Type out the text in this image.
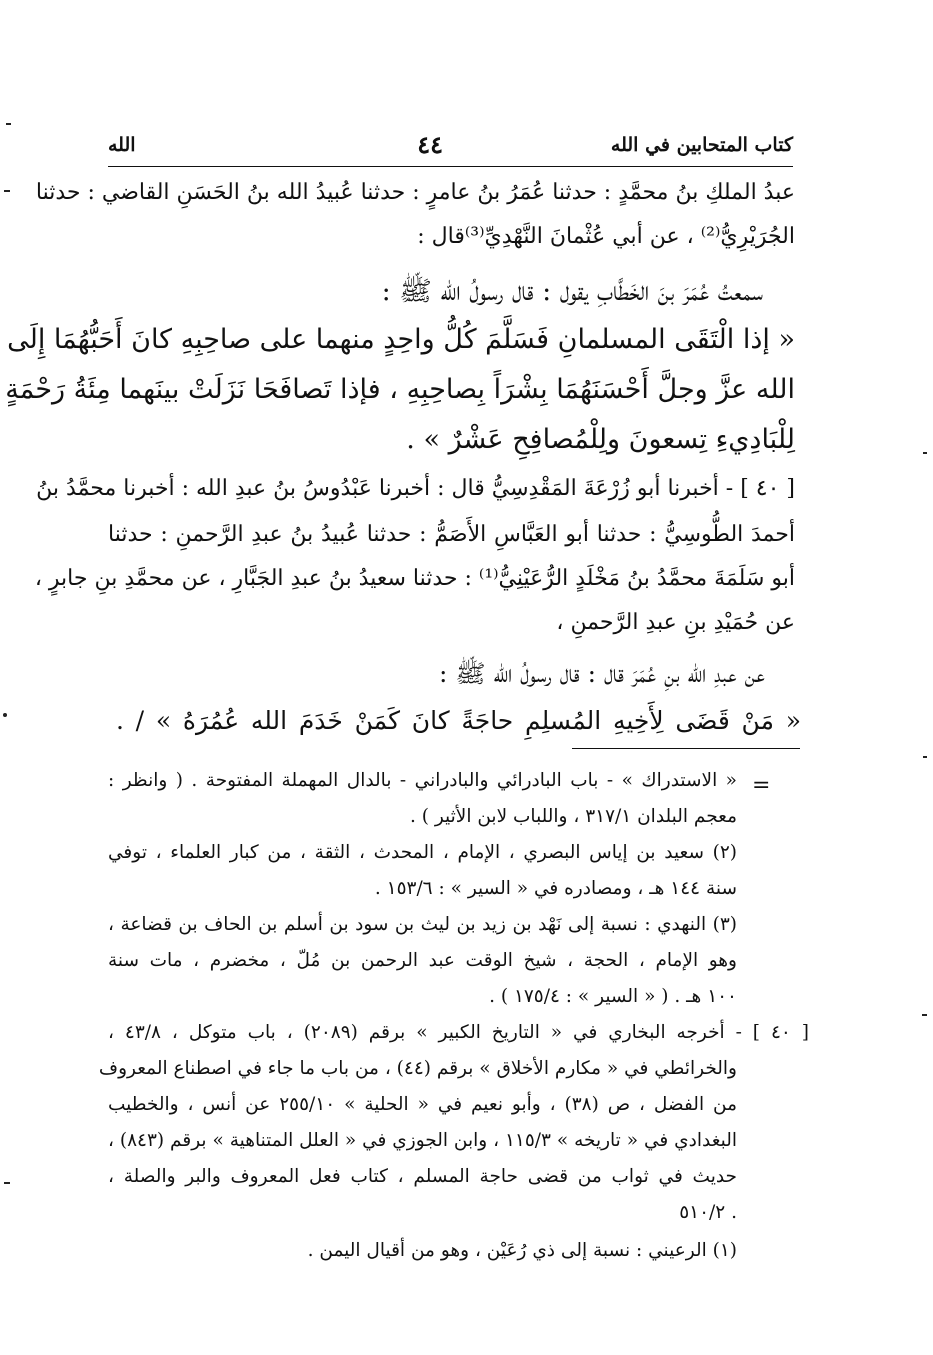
كتاب المتحابين في الله
٤٤
الله
عبدُ الملكِ بنُ محمَّدٍ : حدثنا عُمَرُ بنُ عامرٍ : حدثنا عُبيدُ الله بنُ الحَسَنِ القاضي : حدثنا
الجُرَيْرِيُّ⁽²⁾ ، عن أبي عُثْمانَ النَّهْدِيِّ⁽³⁾قال :
سمعتُ عُمَرَ بنَ الخَطَّابِ يقول : قال رسولُ الله ﷺ :
« إذا الْتَقَى المسلمانِ فَسَلَّمَ كُلُّ واحِدٍ منهما على صاحِبِهِ كانَ أَحَبُّهُمَا إِلَى
الله عزَّ وجلَّ أَحْسَنَهُمَا بِشْرَاً بِصاحِبِهِ ، فإذا تَصافَحَا نَزَلَتْ بينَهما مِئَةُ رَحْمَةٍ
لِلْبَادِيءِ تِسعونَ ولِلْمُصافِحِ عَشْرٌ » .
[ ٤٠ ] - أخبرنا أبو زُرْعَةَ المَقْدِسِيُّ قال : أخبرنا عَبْدُوسُ بنُ عبدِ الله : أخبرنا محمَّدُ بنُ
أحمدَ الطُّوسِيُّ : حدثنا أبو العَبَّاسِ الأَصَمُّ : حدثنا عُبيدُ بنُ عبدِ الرَّحمنِ : حدثنا
أبو سَلَمَةَ محمَّدُ بنُ مَخْلَدٍ الرُّعَيْنِيُّ⁽¹⁾ : حدثنا سعيدُ بنُ عبدِ الجَبَّارِ ، عن محمَّدِ بنِ جابرٍ ،
عن حُمَيْدِ بنِ عبدِ الرَّحمنِ ،
عن عبدِ الله بنِ عُمَرَ قال : قال رسولُ الله ﷺ :
« مَنْ قَضَى لِأَخِيهِ المُسلِمِ حاجَةً كانَ كَمَنْ خَدَمَ الله عُمُرَهُ » / .
=
« الاستدراك » - باب البادرائي والبادراني - بالدال المهملة المفتوحة . ( وانظر :
معجم البلدان ٣١٧/١ ، واللباب لابن الأثير ) .
(٢) سعيد بن إياس البصري ، الإمام ، المحدث ، الثقة ، من كبار العلماء ، توفي
سنة ١٤٤ هـ ، ومصادره في « السير » : ١٥٣/٦ .
(٣) النهدي : نسبة إلى نَهْد بن زيد بن ليث بن سود بن أسلم بن الحاف بن قضاعة ،
وهو الإمام ، الحجة ، شيخ الوقت عبد الرحمن بن مُلّ ، مخضرم ، مات سنة
١٠٠ هـ . ( « السير » : ١٧٥/٤ ) .
[ ٤٠ ] - أخرجه البخاري في « التاريخ الكبير » برقم (٢٠٨٩) ، باب متوكل ، ٤٣/٨ ،
والخرائطي في « مكارم الأخلاق » برقم (٤٤) ، من باب ما جاء في اصطناع المعروف
من الفضل ، ص (٣٨) ، وأبو نعيم في « الحلية » ٢٥٥/١٠ عن أنس ، والخطيب
البغدادي في « تاريخه » ١١٥/٣ ، وابن الجوزي في « العلل المتناهية » برقم (٨٤٣) ،
حديث في ثواب من قضى حاجة المسلم ، كتاب فعل المعروف والبر والصلة ،
. ٥١٠/٢
(١) الرعيني : نسبة إلى ذي رُعَيْن ، وهو من أقيال اليمن .
